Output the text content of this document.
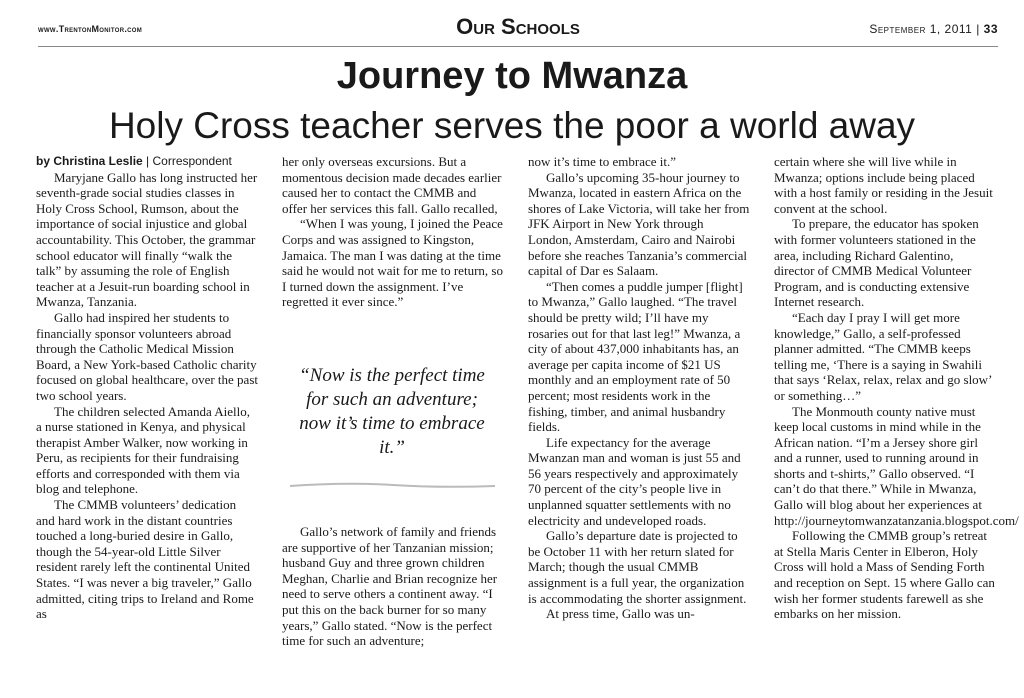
www.TrentonMonitor.com	Our Schools	September 1, 2011 | 33
Journey to Mwanza
Holy Cross teacher serves the poor a world away
by Christina Leslie | Correspondent

Maryjane Gallo has long instructed her seventh-grade social studies classes in Holy Cross School, Rumson, about the importance of social injustice and global accountability. This October, the grammar school educator will finally “walk the talk” by assuming the role of English teacher at a Jesuit-run boarding school in Mwanza, Tanzania.

Gallo had inspired her students to financially sponsor volunteers abroad through the Catholic Medical Mission Board, a New York-based Catholic charity focused on global healthcare, over the past two school years.

The children selected Amanda Aiello, a nurse stationed in Kenya, and physical therapist Amber Walker, now working in Peru, as recipients for their fundraising efforts and corresponded with them via blog and telephone.

The CMMB volunteers’ dedication and hard work in the distant countries touched a long-buried desire in Gallo, though the 54-year-old Little Silver resident rarely left the continental United States. “I was never a big traveler,” Gallo admitted, citing trips to Ireland and Rome as

her only overseas excursions. But a momentous decision made decades earlier caused her to contact the CMMB and offer her services this fall. Gallo recalled,

“When I was young, I joined the Peace Corps and was assigned to Kingston, Jamaica. The man I was dating at the time said he would not wait for me to return, so I turned down the assignment. I’ve regretted it ever since.”

“Now is the perfect time for such an adventure; now it’s time to embrace it.”

Gallo’s network of family and friends are supportive of her Tanzanian mission; husband Guy and three grown children Meghan, Charlie and Brian recognize her need to serve others a continent away. “I put this on the back burner for so many years,” Gallo stated. “Now is the perfect time for such an adventure;

now it’s time to embrace it.”

Gallo’s upcoming 35-hour journey to Mwanza, located in eastern Africa on the shores of Lake Victoria, will take her from JFK Airport in New York through London, Amsterdam, Cairo and Nairobi before she reaches Tanzania’s commercial capital of Dar es Salaam.

“Then comes a puddle jumper [flight] to Mwanza,” Gallo laughed. “The travel should be pretty wild; I’ll have my rosaries out for that last leg!” Mwanza, a city of about 437,000 inhabitants has, an average per capita income of $21 US monthly and an employment rate of 50 percent; most residents work in the fishing, timber, and animal husbandry fields.

Life expectancy for the average Mwanzan man and woman is just 55 and 56 years respectively and approximately 70 percent of the city’s people live in unplanned squatter settlements with no electricity and undeveloped roads.

Gallo’s departure date is projected to be October 11 with her return slated for March; though the usual CMMB assignment is a full year, the organization is accommodating the shorter assignment.

At press time, Gallo was un-

certain where she will live while in Mwanza; options include being placed with a host family or residing in the Jesuit convent at the school.

To prepare, the educator has spoken with former volunteers stationed in the area, including Richard Galentino, director of CMMB Medical Volunteer Program, and is conducting extensive Internet research.

“Each day I pray I will get more knowledge,” Gallo, a self-professed planner admitted. “The CMMB keeps telling me, ‘There is a saying in Swahili that says ‘Relax, relax, relax and go slow’ or something…”

The Monmouth county native must keep local customs in mind while in the African nation. “I’m a Jersey shore girl and a runner, used to running around in shorts and t-shirts,” Gallo observed. “I can’t do that there.” While in Mwanza, Gallo will blog about her experiences at http://journeytomwanzatanzania.blogspot.com/

Following the CMMB group’s retreat at Stella Maris Center in Elberon, Holy Cross will hold a Mass of Sending Forth and reception on Sept. 15 where Gallo can wish her former students farewell as she embarks on her mission.
